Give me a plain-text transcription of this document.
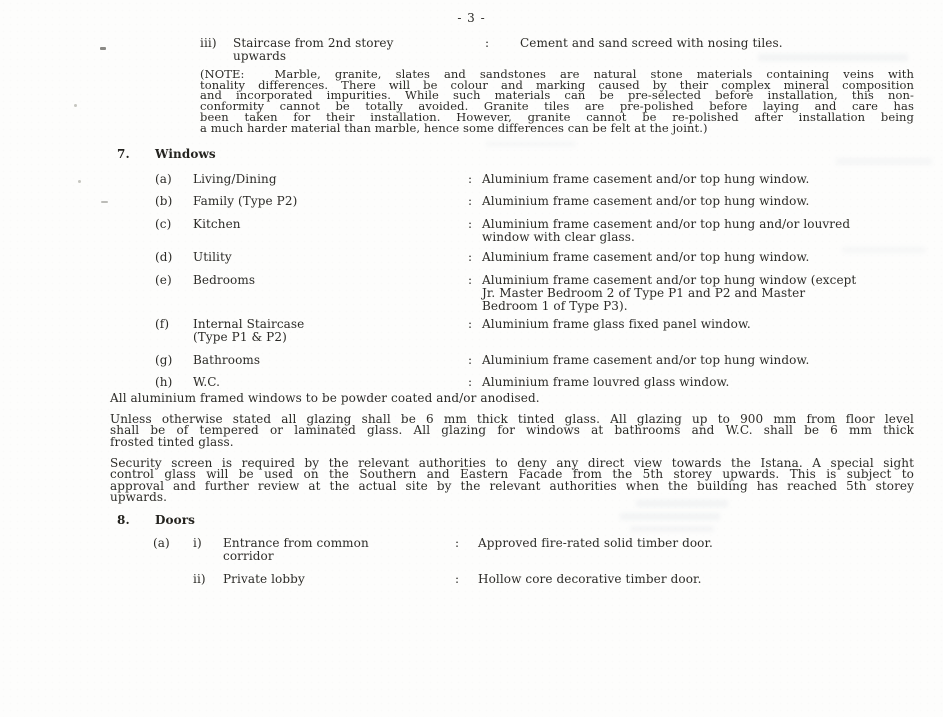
- 3 -
iii)	Staircase from 2nd storey
upwards
:	Cement and sand screed with nosing tiles.
(NOTE:	Marble, granite, slates and sandstones are natural stone materials containing veins with
tonality differences. There will be colour and marking caused by their complex mineral composition
and incorporated impurities. While such materials can be pre-selected before installation, this non-
conformity cannot be totally avoided. Granite tiles are pre-polished before laying and care has
been taken for their installation. However, granite cannot be re-polished after installation being
a much harder material than marble, hence some differences can be felt at the joint.)
7.	Windows
(a)	Living/Dining	: Aluminium frame casement and/or top hung window.
(b)	Family (Type P2)	: Aluminium frame casement and/or top hung window.
(c)	Kitchen	: Aluminium frame casement and/or top hung and/or louvred
window with clear glass.
(d)	Utility	: Aluminium frame casement and/or top hung window.
(e)	Bedrooms	: Aluminium frame casement and/or top hung window (except
Jr. Master Bedroom 2 of Type P1 and P2 and Master
Bedroom 1 of Type P3).
(f)	Internal Staircase
(Type P1 & P2)
: Aluminium frame glass fixed panel window.
(g)	Bathrooms	: Aluminium frame casement and/or top hung window.
(h)	W.C.	: Aluminium frame louvred glass window.
All aluminium framed windows to be powder coated and/or anodised.
Unless otherwise stated all glazing shall be 6 mm thick tinted glass. All glazing up to 900 mm from floor level
shall be of tempered or laminated glass. All glazing for windows at bathrooms and W.C. shall be 6 mm thick
frosted tinted glass.
Security screen is required by the relevant authorities to deny any direct view towards the Istana. A special sight
control glass will be used on the Southern and Eastern Facade from the 5th storey upwards. This is subject to
approval and further review at the actual site by the relevant authorities when the building has reached 5th storey
upwards.
8.	Doors
(a)	i)	Entrance from common
corridor
:	Approved fire-rated solid timber door.
ii)	Private lobby	:	Hollow core decorative timber door.
